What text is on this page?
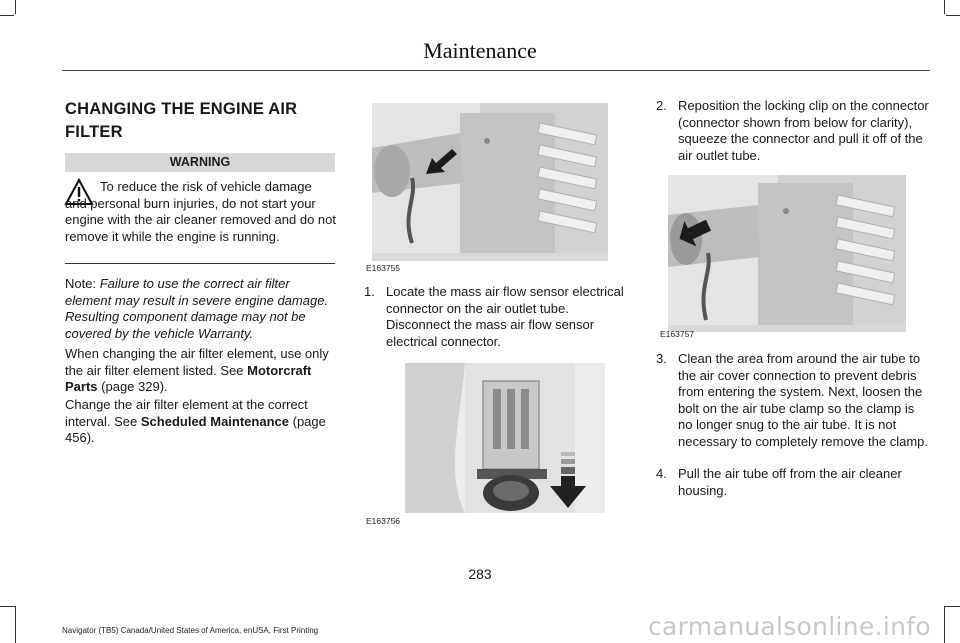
Maintenance
CHANGING THE ENGINE AIR FILTER
WARNING
To reduce the risk of vehicle damage and personal burn injuries, do not start your engine with the air cleaner removed and do not remove it while the engine is running.
Note: Failure to use the correct air filter element may result in severe engine damage. Resulting component damage may not be covered by the vehicle Warranty.
When changing the air filter element, use only the air filter element listed. See Motorcraft Parts (page 329).
Change the air filter element at the correct interval. See Scheduled Maintenance (page 456).
E163755
1. Locate the mass air flow sensor electrical connector on the air outlet tube. Disconnect the mass air flow sensor electrical connector.
E163756
2. Reposition the locking clip on the connector (connector shown from below for clarity), squeeze the connector and pull it off of the air outlet tube.
E163757
3. Clean the area from around the air tube to the air cover connection to prevent debris from entering the system. Next, loosen the bolt on the air tube clamp so the clamp is no longer snug to the air tube. It is not necessary to completely remove the clamp.
4. Pull the air tube off from the air cleaner housing.
283
Navigator (TB5) Canada/United States of America, enUSA, First Printing	carmanualsonline.info
